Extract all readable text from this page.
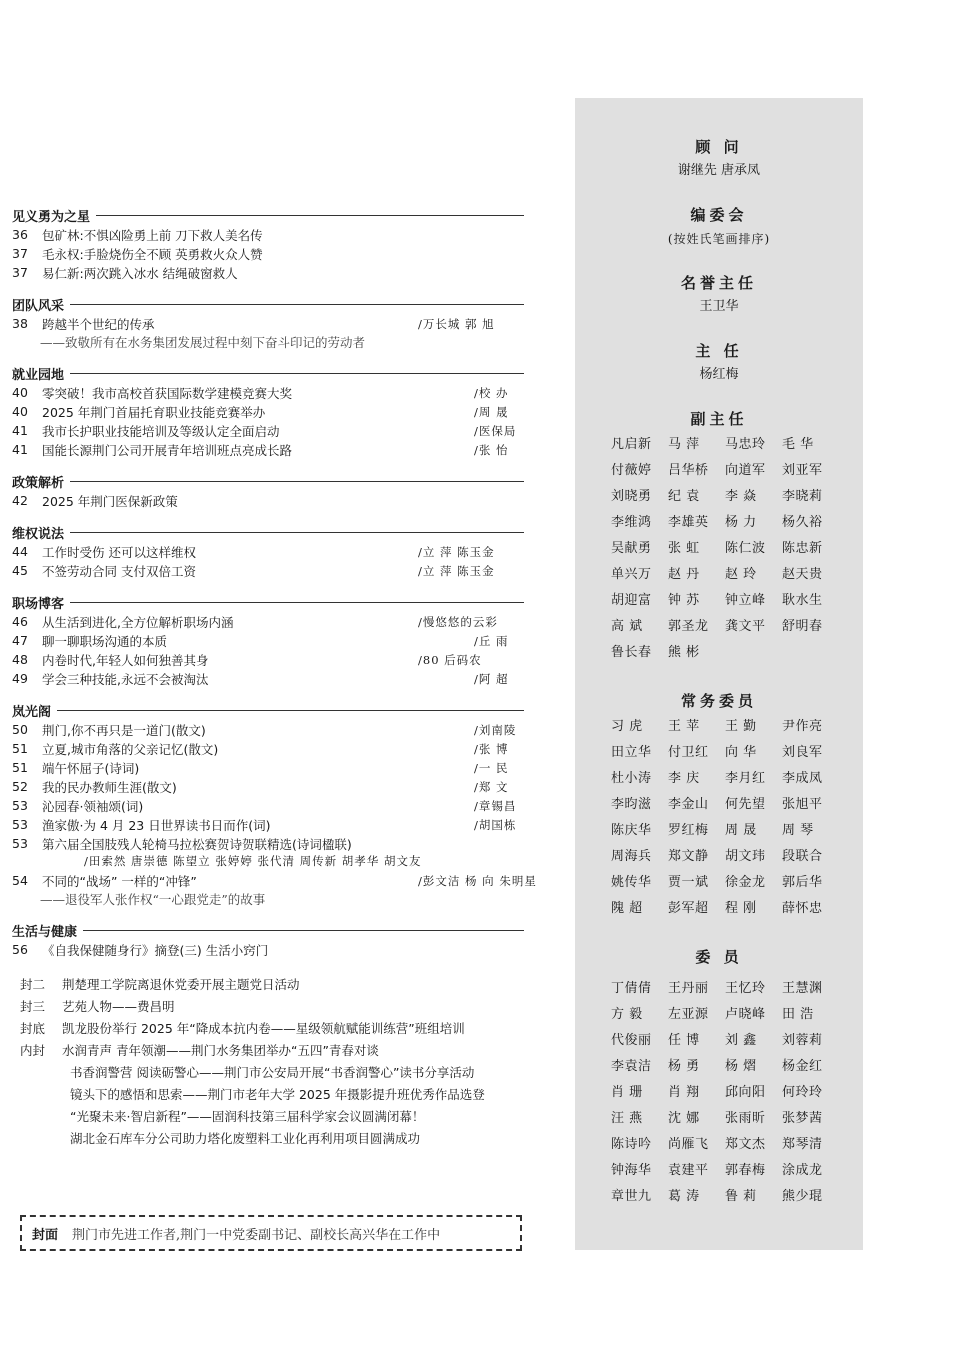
见义勇为之星
36	包矿林:不惧凶险勇上前 刀下救人美名传
37	毛永权:手脸烧伤全不顾 英勇救火众人赞
37	易仁新:两次跳入冰水 结绳破窗救人
团队风采
38	跨越半个世纪的传承	/万长城 郭 旭
——致敬所有在水务集团发展过程中刻下奋斗印记的劳动者
就业园地
40	零突破！我市高校首获国际数学建模竞赛大奖	/校 办
40	2025 年荆门首届托育职业技能竞赛举办	/周 晟
41	我市长护职业技能培训及等级认定全面启动	/医保局
41	国能长源荆门公司开展青年培训班点亮成长路	/张 怡
政策解析
42	2025 年荆门医保新政策
维权说法
44	工作时受伤 还可以这样维权	/立 萍 陈玉金
45	不签劳动合同 支付双倍工资	/立 萍 陈玉金
职场博客
46	从生活到进化,全方位解析职场内涵	/慢悠悠的云彩
47	聊一聊职场沟通的本质	/丘 雨
48	内卷时代,年轻人如何独善其身	/80 后码农
49	学会三种技能,永远不会被淘汰	/阿 超
岚光阁
50	荆门,你不再只是一道门(散文)	/刘南陵
51	立夏,城市角落的父亲记忆(散文)	/张 博
51	端午怀屈子(诗词)	/一 民
52	我的民办教师生涯(散文)	/郑 文
53	沁园春·领袖颂(词)	/章锡昌
53	渔家傲·为 4 月 23 日世界读书日而作(词)	/胡国栋
53	第六届全国肢残人轮椅马拉松赛贺诗贺联精选(诗词楹联)
/田索然 唐崇德 陈望立 张婷婷 张代清 周传新 胡孝华 胡文友
54	不同的“战场” 一样的“冲锋”	/彭文洁 杨 向 朱明星
——退役军人张作权“一心跟党走”的故事
生活与健康
56	《自我保健随身行》摘登(三) 生活小窍门
封二	荆楚理工学院离退休党委开展主题党日活动
封三	艺苑人物——费昌明
封底	凯龙股份举行 2025 年“降成本抗内卷——星级领航赋能训练营”班组培训
内封	水润青声 青年领潮——荆门水务集团举办“五四”青春对谈
书香润警营 阅读砺警心——荆门市公安局开展“书香润警心”读书分享活动
镜头下的感悟和思索——荆门市老年大学 2025 年摄影提升班优秀作品选登
“光聚未来·智启新程”——固润科技第三届科学家会议圆满闭幕！
湖北金石库车分公司助力塔化废塑料工业化再利用项目圆满成功
封面 荆门市先进工作者,荆门一中党委副书记、副校长高兴华在工作中
顾 问
谢继先 唐承凤
编委会
(按姓氏笔画排序)
名誉主任
王卫华
主 任
杨红梅
副主任
凡启新	马 萍	马忠玲	毛 华
付薇婷	吕华桥	向道军	刘亚军
刘晓勇	纪 袁	李 焱	李晓莉
李维鸿	李雄英	杨 力	杨久裕
吴献勇	张 虹	陈仁波	陈忠新
单兴万	赵 丹	赵 玲	赵天贵
胡迎富	钟 苏	钟立峰	耿水生
高 斌	郭圣龙	龚文平	舒明春
鲁长春	熊 彬
常务委员
习 虎	王 苹	王 勤	尹作亮
田立华	付卫红	向 华	刘良军
杜小涛	李 庆	李月红	李成凤
李昀滋	李金山	何先望	张旭平
陈庆华	罗红梅	周 晟	周 琴
周海兵	郑文静	胡文玮	段联合
姚传华	贾一斌	徐金龙	郭后华
隗 超	彭军超	程 刚	薛怀忠
委 员
丁倩倩	王丹丽	王忆玲	王慧渊
方 毅	左亚源	卢晓峰	田 浩
代俊丽	任 博	刘 鑫	刘蓉莉
李袁洁	杨 勇	杨 熠	杨金红
肖 珊	肖 翔	邱向阳	何玲玲
汪 燕	沈 娜	张雨昕	张梦茜
陈诗吟	尚雁飞	郑文杰	郑琴清
钟海华	袁建平	郭春梅	涂成龙
章世九	葛 涛	鲁 莉	熊少琨
